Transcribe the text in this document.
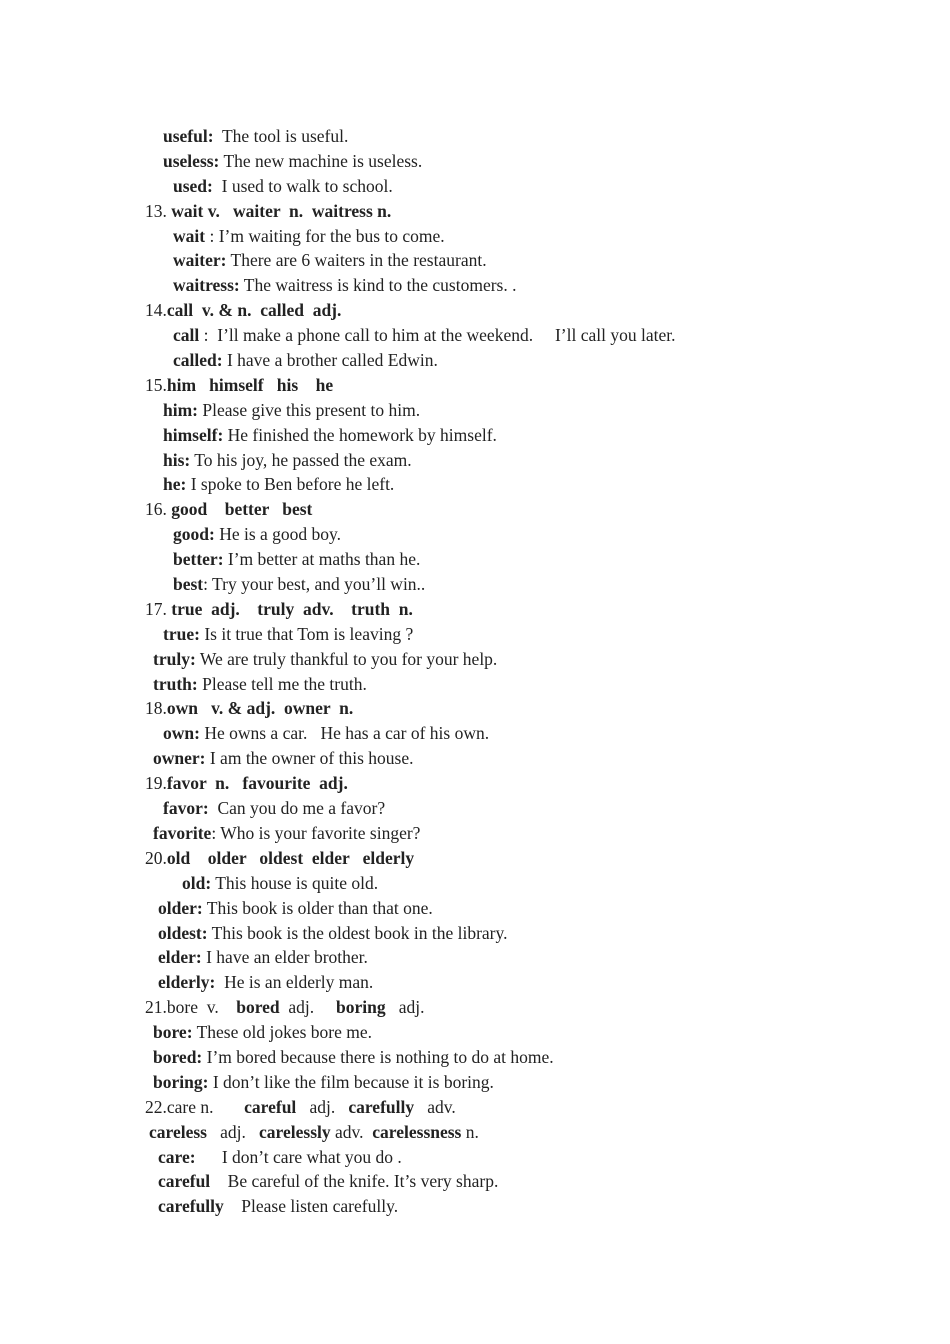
useful:  The tool is useful.
useless: The new machine is useless.
used:  I used to walk to school.
13. wait v.   waiter  n.  waitress n.
wait : I’m waiting for the bus to come.
waiter: There are 6 waiters in the restaurant.
waitress: The waitress is kind to the customers. .
14.call  v. & n.  called  adj.
call :  I’ll make a phone call to him at the weekend.     I’ll call you later.
called: I have a brother called Edwin.
15.him   himself   his    he
him: Please give this present to him.
himself: He finished the homework by himself.
his: To his joy, he passed the exam.
he: I spoke to Ben before he left.
16. good    better   best
good: He is a good boy.
better: I’m better at maths than he.
best: Try your best, and you’ll win..
17. true  adj.    truly  adv.    truth  n.
true: Is it true that Tom is leaving ?
truly: We are truly thankful to you for your help.
truth: Please tell me the truth.
18.own   v. & adj.  owner  n.
own: He owns a car.   He has a car of his own.
owner: I am the owner of this house.
19.favor  n.   favourite  adj.
favor:  Can you do me a favor?
favorite: Who is your favorite singer?
20.old    older   oldest  elder   elderly
old: This house is quite old.
older: This book is older than that one.
oldest: This book is the oldest book in the library.
elder: I have an elder brother.
elderly:  He is an elderly man.
21.bore  v.    bored  adj.     boring   adj.
bore: These old jokes bore me.
bored: I’m bored because there is nothing to do at home.
boring: I don’t like the film because it is boring.
22.care n.       careful   adj.   carefully   adv.
careless   adj.   carelessly adv.  carelessness n.
care:      I don’t care what you do .
careful    Be careful of the knife. It’s very sharp.
carefully    Please listen carefully.
